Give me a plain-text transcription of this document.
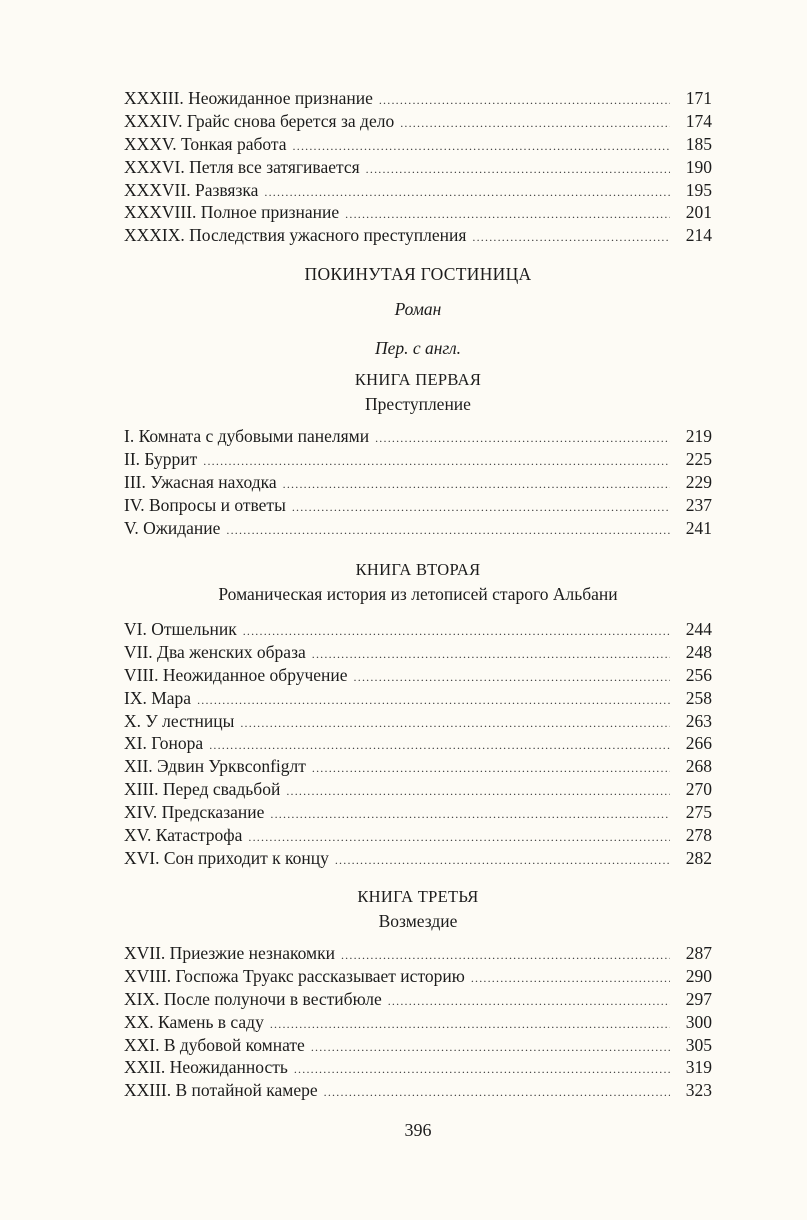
XXXIII. Неожиданное признание .....	171
XXXIV. Грайс снова берется за дело .....	174
XXXV. Тонкая работа .....	185
XXXVI. Петля все затягивается .....	190
XXXVII. Развязка .....	195
XXXVIII. Полное признание .....	201
XXXIX. Последствия ужасного преступления .....	214
ПОКИНУТАЯ ГОСТИНИЦА
Роман
Пер. с англ.
КНИГА ПЕРВАЯ
Преступление
I. Комната с дубовыми панелями .....	219
II. Буррит .....	225
III. Ужасная находка .....	229
IV. Вопросы и ответы .....	237
V. Ожидание .....	241
КНИГА ВТОРАЯ
Романическая история из летописей старого Альбани
VI. Отшельник .....	244
VII. Два женских образа .....	248
VIII. Неожиданное обручение .....	256
IX. Мара .....	258
X. У лестницы .....	263
XI. Гонора .....	266
XII. Эдвин Урквconfigлт .....	268
XIII. Перед свадьбой .....	270
XIV. Предсказание .....	275
XV. Катастрофа .....	278
XVI. Сон приходит к концу .....	282
КНИГА ТРЕТЬЯ
Возмездие
XVII. Приезжие незнакомки .....	287
XVIII. Госпожа Труакс рассказывает историю .....	290
XIX. После полуночи в вестибюле .....	297
XX. Камень в саду .....	300
XXI. В дубовой комнате .....	305
XXII. Неожиданность .....	319
XXIII. В потайной камере .....	323
396
